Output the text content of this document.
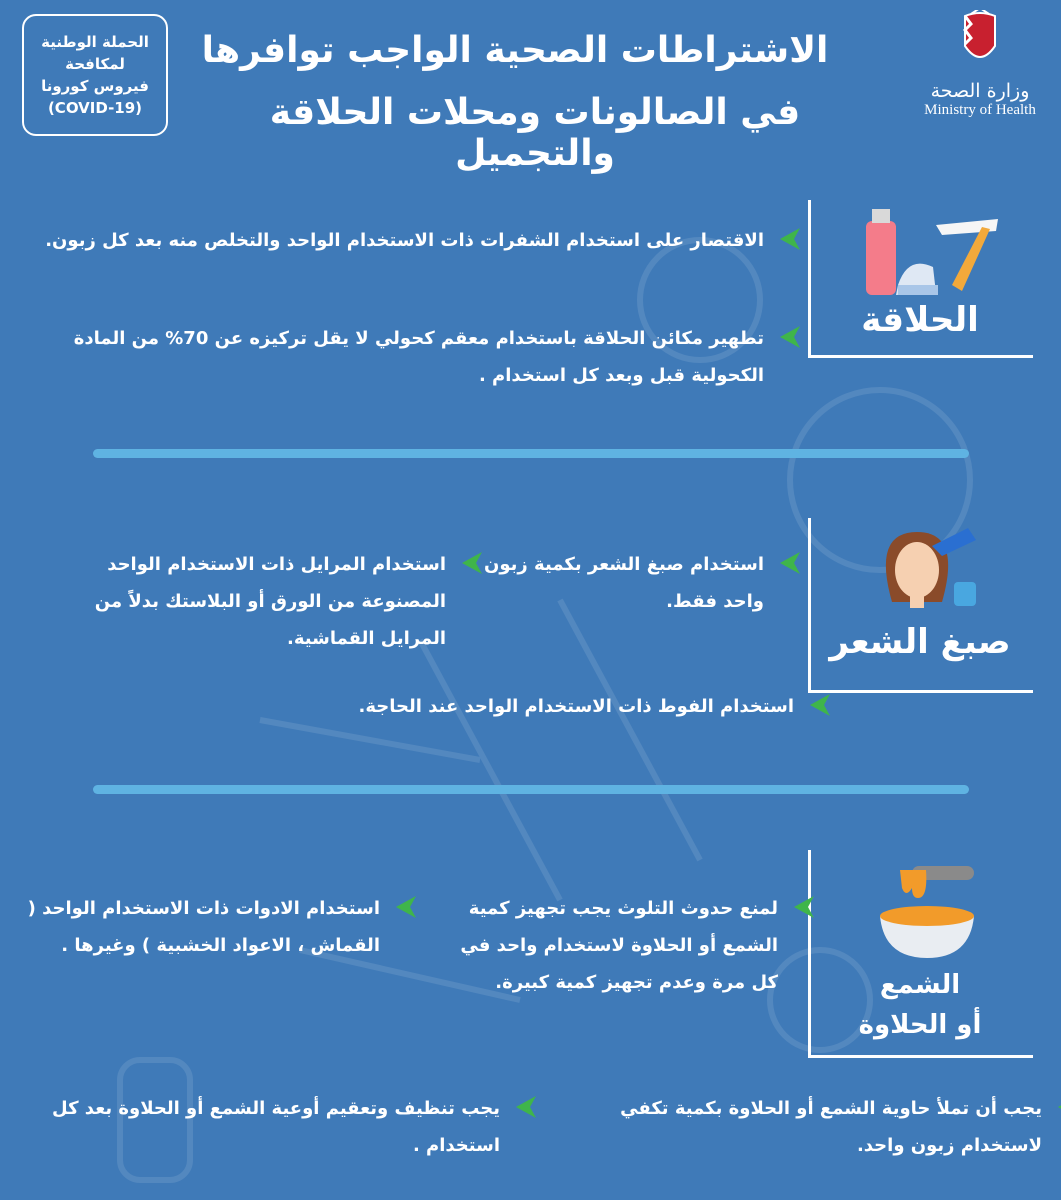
الحملة الوطنية
لمكافحة
فيروس كورونا
(COVID-19)
الاشتراطات الصحية الواجب توافرها
في الصالونات ومحلات الحلاقة والتجميل
وزارة الصحة
Ministry of Health
الحلاقة
الاقتصار على استخدام الشفرات ذات الاستخدام الواحد والتخلص منه بعد كل زبون.
تطهير مكائن الحلاقة باستخدام معقم كحولي لا يقل تركيزه عن 70% من المادة الكحولية قبل وبعد كل استخدام .
صبغ الشعر
استخدام صبغ الشعر بكمية زبون واحد فقط.
استخدام المرايل ذات الاستخدام الواحد المصنوعة من الورق أو البلاستك بدلاً من المرايل القماشية.
استخدام الفوط ذات الاستخدام الواحد عند الحاجة.
الشمع
أو الحلاوة
لمنع حدوث التلوث يجب تجهيز كمية الشمع أو الحلاوة لاستخدام واحد في كل مرة وعدم تجهيز كمية كبيرة.
استخدام الادوات ذات الاستخدام الواحد ( القماش ، الاعواد الخشبية ) وغيرها .
يجب أن تملأ حاوية الشمع أو الحلاوة بكمية تكفي لاستخدام زبون واحد.
يجب تنظيف وتعقيم أوعية الشمع أو الحلاوة بعد كل استخدام .
